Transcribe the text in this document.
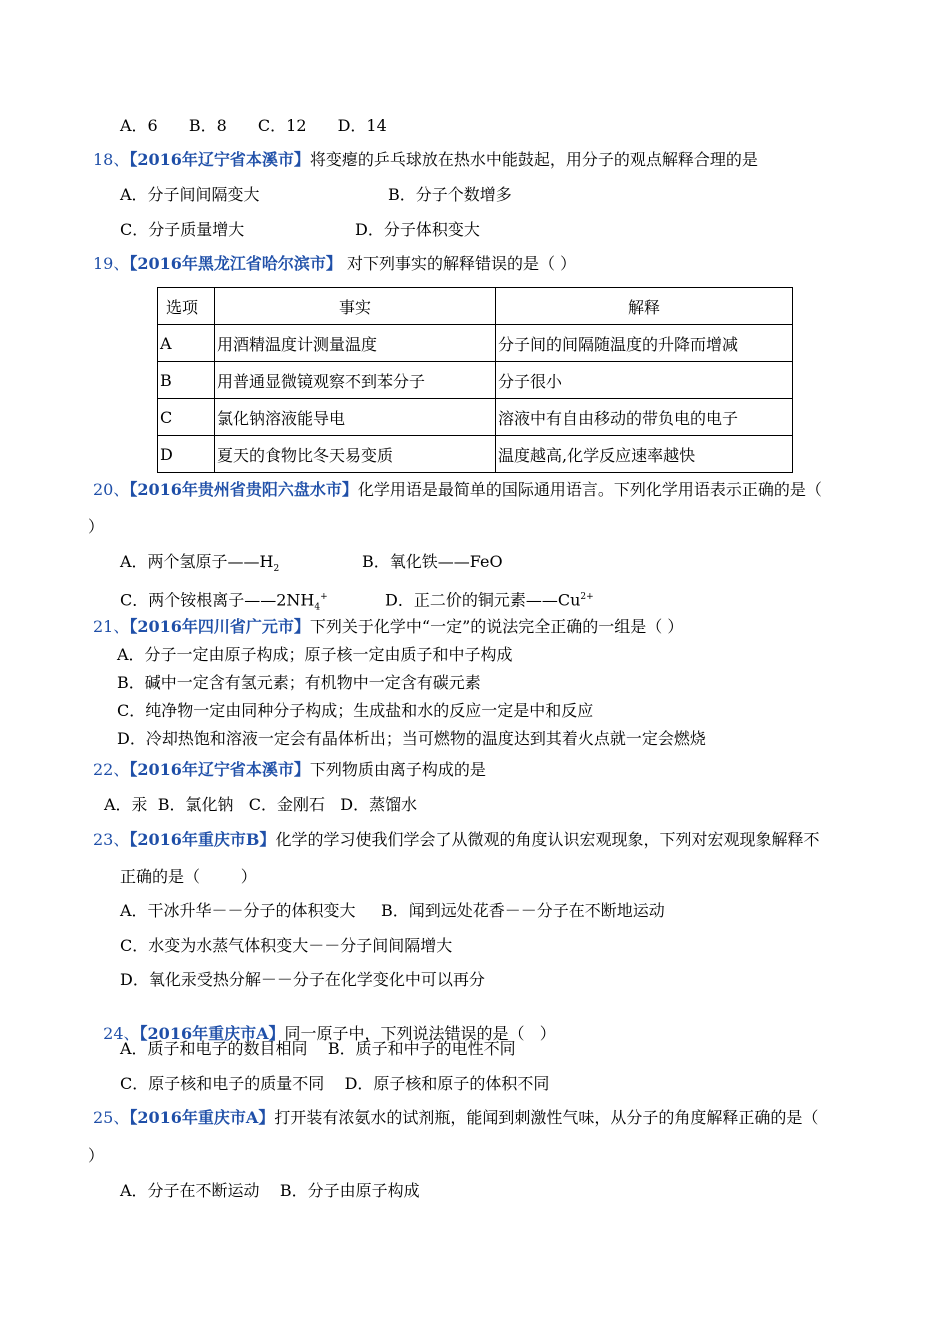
A．6 B．8 C．12 D．14
18、【2016年辽宁省本溪市】将变瘪的乒乓球放在热水中能鼓起，用分子的观点解释合理的是
A．分子间间隔变大	B．分子个数增多
C．分子质量增大	D．分子体积变大
19、【2016年黑龙江省哈尔滨市】 对下列事实的解释错误的是（ ）
选项	事实	解释
A	用酒精温度计测量温度	分子间的间隔随温度的升降而增减
B	用普通显微镜观察不到苯分子	分子很小
C	氯化钠溶液能导电	溶液中有自由移动的带负电的电子
D	夏天的食物比冬天易变质	温度越高,化学反应速率越快
20、【2016年贵州省贵阳六盘水市】化学用语是最简单的国际通用语言。下列化学用语表示正确的是（
）
A．两个氢原子$——H_2$	B．氧化铁——FeO
C．两个铵根离子$——2NH_4^+$	D．正二价的铜元素$——Cu^{2+}$
21、【2016年四川省广元市】下列关于化学中“一定”的说法完全正确的一组是（ ）
A．分子一定由原子构成；原子核一定由质子和中子构成
B．碱中一定含有氢元素；有机物中一定含有碳元素
C．纯净物一定由同种分子构成；生成盐和水的反应一定是中和反应
D．冷却热饱和溶液一定会有晶体析出；当可燃物的温度达到其着火点就一定会燃烧
22、【2016年辽宁省本溪市】下列物质由离子构成的是
A．汞  B．氯化钠   C．金刚石   D．蒸馏水
23、【2016年重庆市B】化学的学习使我们学会了从微观的角度认识宏观现象，下列对宏观现象解释不
正确的是（        ）
A．干冰升华－－分子的体积变大     B．闻到远处花香－－分子在不断地运动
C．水变为水蒸气体积变大－－分子间间隔增大
D．氧化汞受热分解－－分子在化学变化中可以再分

24、【2016年重庆市A】同一原子中，下列说法错误的是（   ）

A．质子和电子的数目相同    B．质子和中子的电性不同
C．原子核和电子的质量不同    D．原子核和原子的体积不同
25、【2016年重庆市A】打开装有浓氨水的试剂瓶，能闻到刺激性气味，从分子的角度解释正确的是（
）
A．分子在不断运动    B．分子由原子构成
